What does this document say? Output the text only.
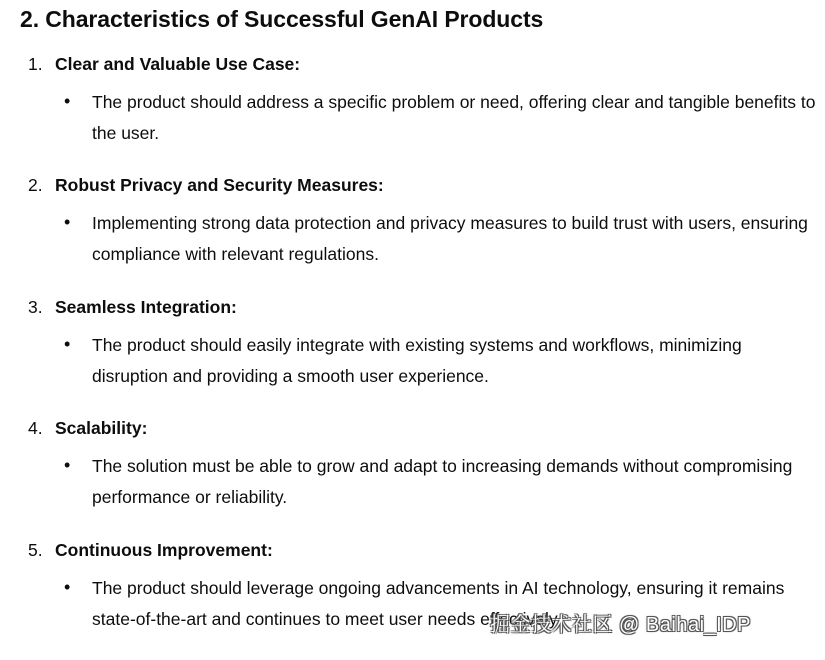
2. Characteristics of Successful GenAI Products
1. Clear and Valuable Use Case:
•	The product should address a specific problem or need, offering clear and tangible benefits to the user.
2. Robust Privacy and Security Measures:
•	Implementing strong data protection and privacy measures to build trust with users, ensuring compliance with relevant regulations.
3. Seamless Integration:
•	The product should easily integrate with existing systems and workflows, minimizing disruption and providing a smooth user experience.
4. Scalability:
•	The solution must be able to grow and adapt to increasing demands without compromising performance or reliability.
5. Continuous Improvement:
•	The product should leverage ongoing advancements in AI technology, ensuring it remains state-of-the-art and continues to meet user needs effectively.
掘金技术社区 @ Baihai_IDP
